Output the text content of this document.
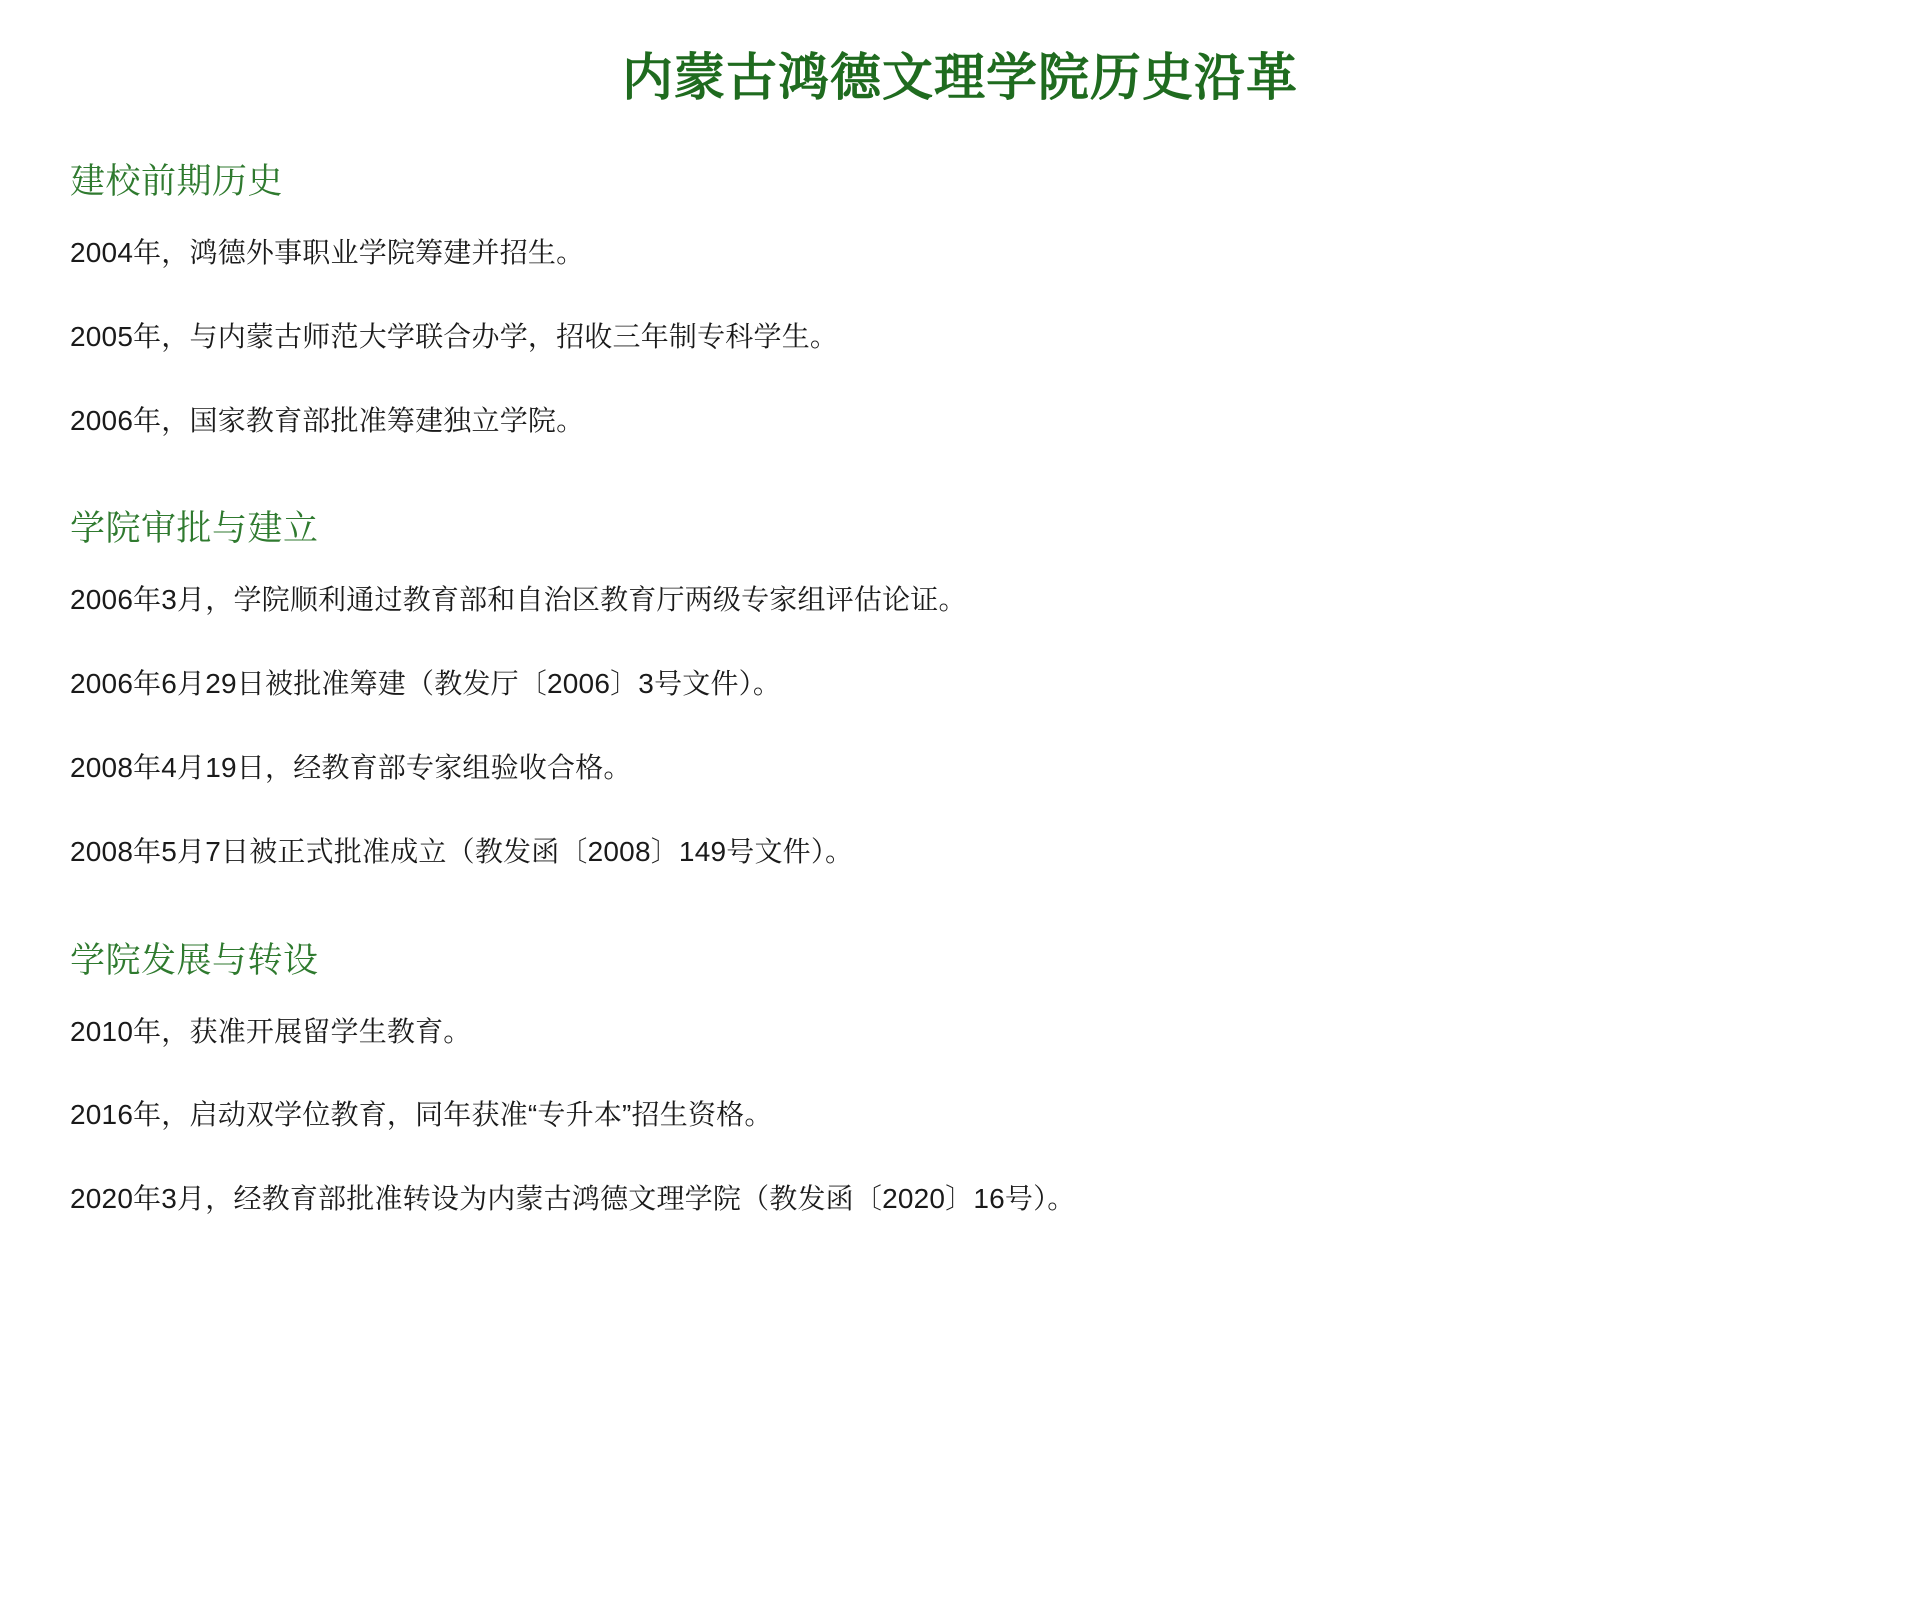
内蒙古鸿德文理学院历史沿革
建校前期历史

2004年，鸿德外事职业学院筹建并招生。

2005年，与内蒙古师范大学联合办学，招收三年制专科学生。

2006年，国家教育部批准筹建独立学院。

学院审批与建立

2006年3月，学院顺利通过教育部和自治区教育厅两级专家组评估论证。

2006年6月29日被批准筹建（教发厅〔2006〕3号文件）。

2008年4月19日，经教育部专家组验收合格。

2008年5月7日被正式批准成立（教发函〔2008〕149号文件）。

学院发展与转设

2010年，获准开展留学生教育。

2016年，启动双学位教育，同年获准“专升本”招生资格。

2020年3月，经教育部批准转设为内蒙古鸿德文理学院（教发函〔2020〕16号）。
